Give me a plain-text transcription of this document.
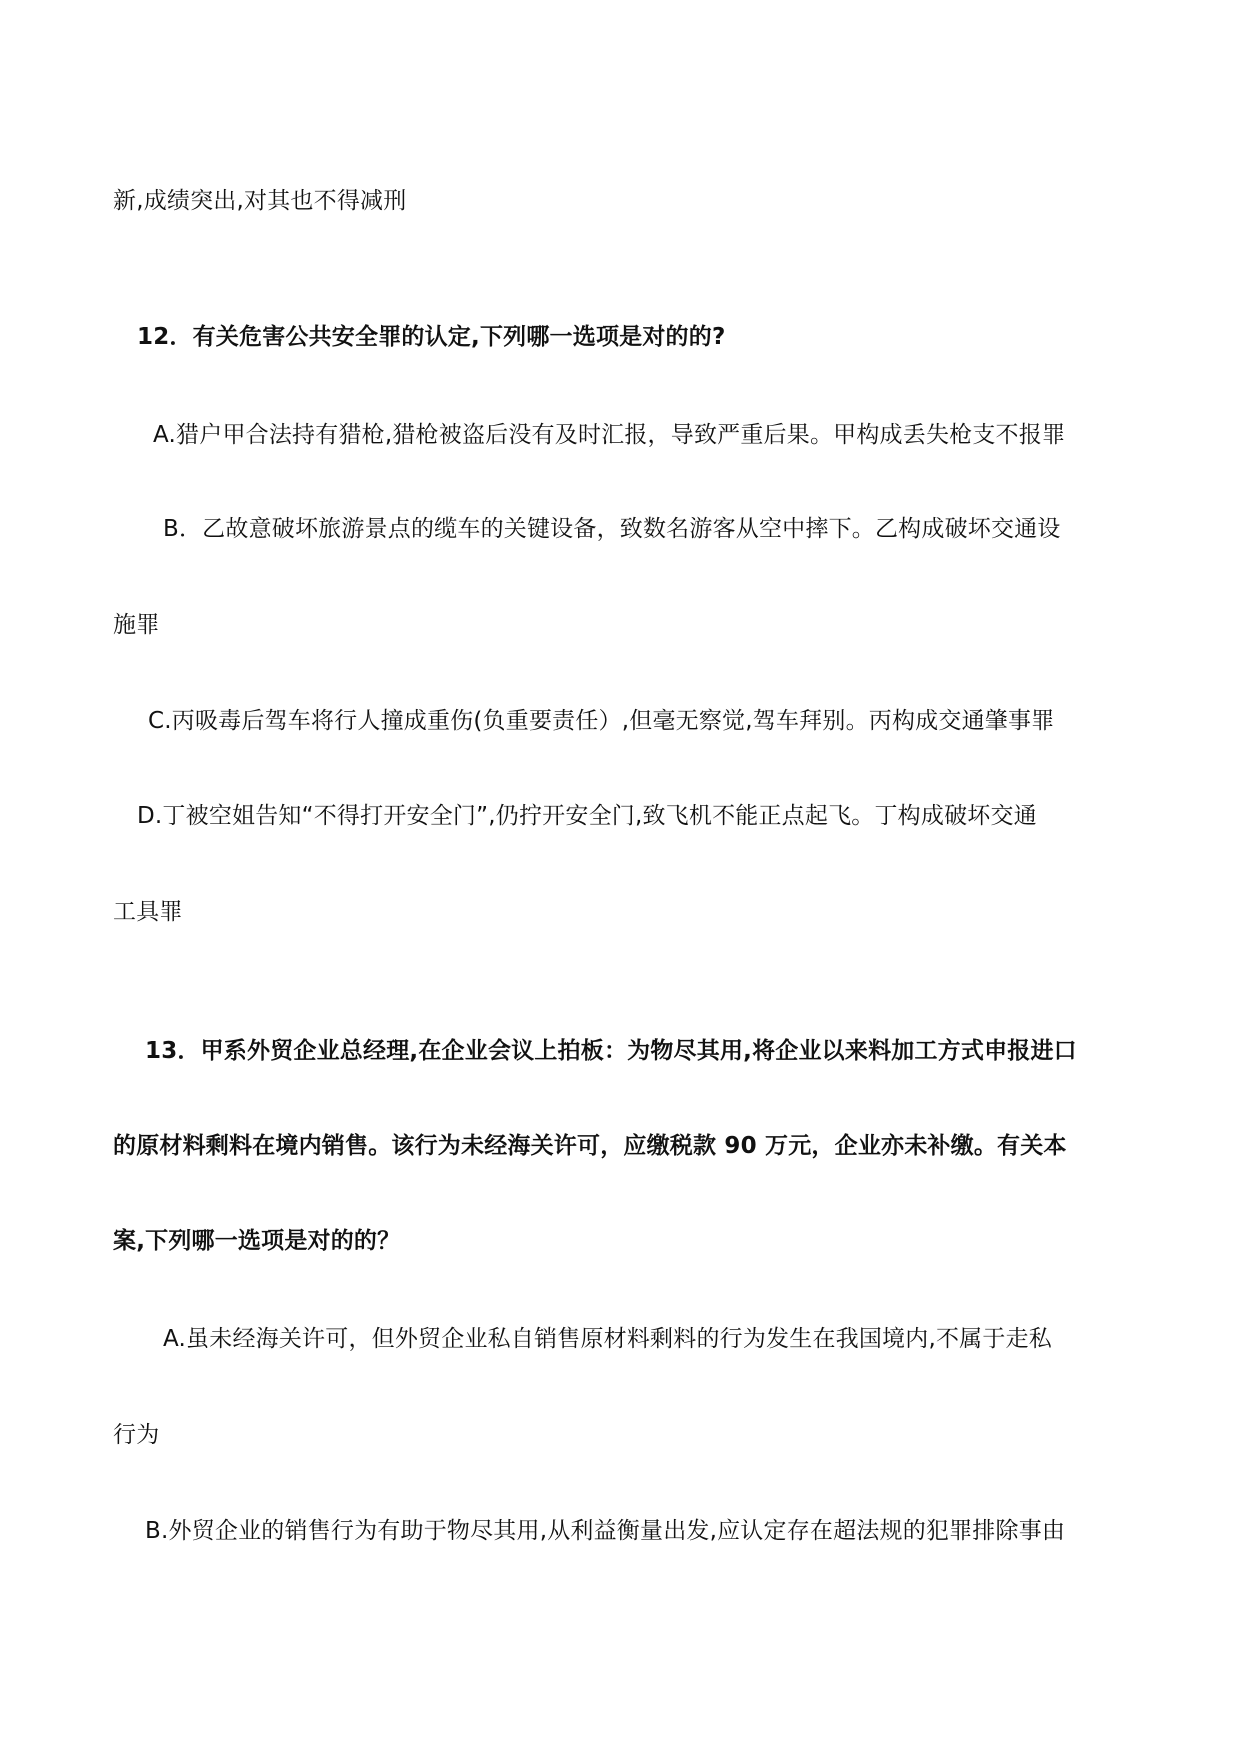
新,成绩突出,对其也不得减刑
12．有关危害公共安全罪的认定,下列哪一选项是对的的?
A.猎户甲合法持有猎枪,猎枪被盗后没有及时汇报，导致严重后果。甲构成丢失枪支不报罪
B．乙故意破坏旅游景点的缆车的关键设备，致数名游客从空中摔下。乙构成破坏交通设
施罪
C.丙吸毒后驾车将行人撞成重伤(负重要责任）,但毫无察觉,驾车拜别。丙构成交通肇事罪
D.丁被空姐告知“不得打开安全门”,仍拧开安全门,致飞机不能正点起飞。丁构成破坏交通
工具罪
13．甲系外贸企业总经理,在企业会议上拍板：为物尽其用,将企业以来料加工方式申报进口
的原材料剩料在境内销售。该行为未经海关许可，应缴税款 90 万元，企业亦未补缴。有关本
案,下列哪一选项是对的的？
A.虽未经海关许可，但外贸企业私自销售原材料剩料的行为发生在我国境内,不属于走私
行为
B.外贸企业的销售行为有助于物尽其用,从利益衡量出发,应认定存在超法规的犯罪排除事由
